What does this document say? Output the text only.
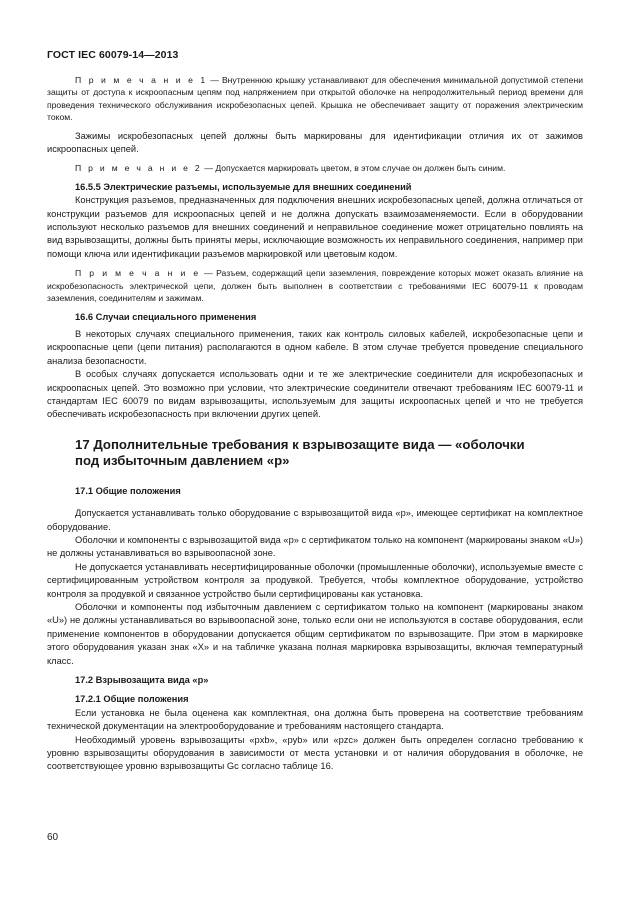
ГОСТ IEC 60079-14—2013

П р и м е ч а н и е 1 — Внутреннюю крышку устанавливают для обеспечения минимальной допустимой степени защиты от доступа к искроопасным цепям под напряжением при открытой оболочке на непродолжительный период времени для проведения технического обслуживания искробезопасных цепей. Крышка не обеспечивает защиту от поражения электрическим током.

Зажимы искробезопасных цепей должны быть маркированы для идентификации отличия их от зажимов искроопасных цепей.

П р и м е ч а н и е 2 — Допускается маркировать цветом, в этом случае он должен быть синим.

16.5.5 Электрические разъемы, используемые для внешних соединений

Конструкция разъемов, предназначенных для подключения внешних искробезопасных цепей, должна отличаться от конструкции разъемов для искроопасных цепей и не должна допускать взаимозаменяемости. Если в оборудовании используют несколько разъемов для внешних соединений и неправильное соединение может отрицательно повлиять на вид взрывозащиты, должны быть приняты меры, исключающие возможность их неправильного соединения, например при помощи ключа или идентификации разъемов маркировкой или цветовым кодом.

П р и м е ч а н и е — Разъем, содержащий цепи заземления, повреждение которых может оказать влияние на искробезопасность электрической цепи, должен быть выполнен в соответствии с требованиями IEC 60079-11 к проводам заземления, соединителям и зажимам.

16.6 Случаи специального применения

В некоторых случаях специального применения, таких как контроль силовых кабелей, искробезопасные цепи и искроопасные цепи (цепи питания) располагаются в одном кабеле. В этом случае требуется проведение специального анализа безопасности.

В особых случаях допускается использовать одни и те же электрические соединители для искробезопасных и искроопасных цепей. Это возможно при условии, что электрические соединители отвечают требованиям IEC 60079-11 и стандартам IEC 60079 по видам взрывозащиты, используемым для защиты искроопасных цепей и что не требуется обеспечивать искробезопасность при включении других цепей.

17 Дополнительные требования к взрывозащите вида — «оболочки
под избыточным давлением «р»
17.1 Общие положения

Допускается устанавливать только оборудование с взрывозащитой вида «р», имеющее сертификат на комплектное оборудование.

Оболочки и компоненты с взрывозащитой вида «р» с сертификатом только на компонент (маркированы знаком «U») не должны устанавливаться во взрывоопасной зоне.

Не допускается устанавливать несертифицированные оболочки (промышленные оболочки), используемые вместе с сертифицированным устройством контроля за продувкой. Требуется, чтобы комплектное оборудование, устройство контроля за продувкой и связанное устройство были сертифицированы как установка.

Оболочки и компоненты под избыточным давлением с сертификатом только на компонент (маркированы знаком «U») не должны устанавливаться во взрывоопасной зоне, только если они не используются в составе оборудования, если применение компонентов в оборудовании допускается общим сертификатом по взрывозащите. При этом в маркировке этого оборудования указан знак «X» и на табличке указана полная маркировка взрывозащиты, включая температурный класс.

17.2 Взрывозащита вида «р»
17.2.1 Общие положения

Если установка не была оценена как комплектная, она должна быть проверена на соответствие требованиям технической документации на электрооборудование и требованиям настоящего стандарта.

Необходимый уровень взрывозащиты «pxb», «pyb» или «pzc» должен быть определен согласно требованию к уровню взрывозащиты оборудования в зависимости от места установки и от наличия оборудования в оболочке, не соответствующее уровню взрывозащиты Gc согласно таблице 16.

60
